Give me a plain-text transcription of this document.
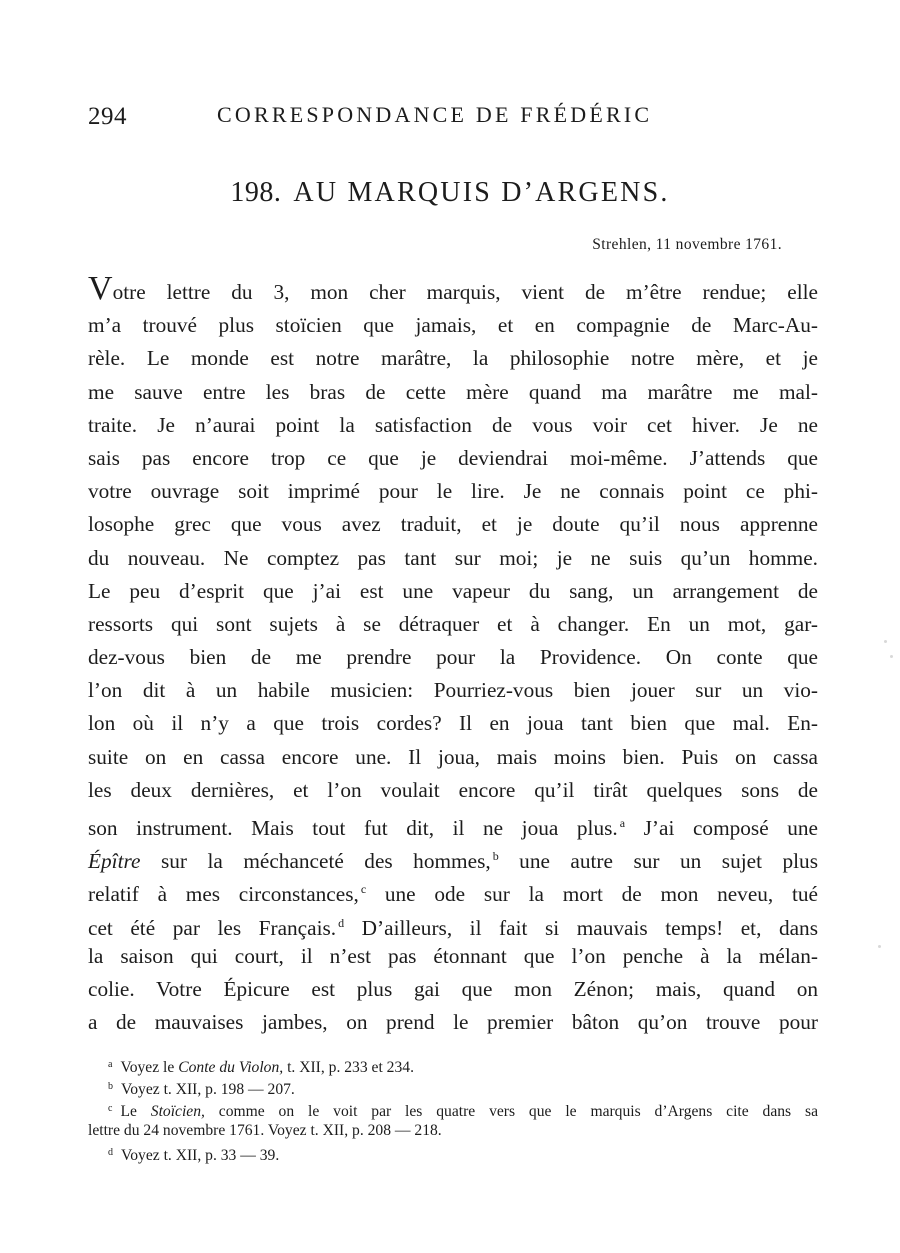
294	CORRESPONDANCE DE FRÉDÉRIC
198. AU MARQUIS D’ARGENS.
Strehlen, 11 novembre 1761.
Votre lettre du 3, mon cher marquis, vient de m’être rendue; elle
m’a trouvé plus stoïcien que jamais, et en compagnie de Marc-Au-
rèle. Le monde est notre marâtre, la philosophie notre mère, et je
me sauve entre les bras de cette mère quand ma marâtre me mal-
traite. Je n’aurai point la satisfaction de vous voir cet hiver. Je ne
sais pas encore trop ce que je deviendrai moi-même. J’attends que
votre ouvrage soit imprimé pour le lire. Je ne connais point ce phi-
losophe grec que vous avez traduit, et je doute qu’il nous apprenne
du nouveau. Ne comptez pas tant sur moi; je ne suis qu’un homme.
Le peu d’esprit que j’ai est une vapeur du sang, un arrangement de
ressorts qui sont sujets à se détraquer et à changer. En un mot, gar-
dez-vous bien de me prendre pour la Providence. On conte que
l’on dit à un habile musicien: Pourriez-vous bien jouer sur un vio-
lon où il n’y a que trois cordes? Il en joua tant bien que mal. En-
suite on en cassa encore une. Il joua, mais moins bien. Puis on cassa
les deux dernières, et l’on voulait encore qu’il tirât quelques sons de
son instrument. Mais tout fut dit, il ne joua plus. $^a$ J’ai composé une
Épître sur la méchanceté des hommes, $^b$ une autre sur un sujet plus
relatif à mes circonstances, $^c$ une ode sur la mort de mon neveu, tué
cet été par les Français. $^d$ D’ailleurs, il fait si mauvais temps! et, dans
la saison qui court, il n’est pas étonnant que l’on penche à la mélan-
colie. Votre Épicure est plus gai que mon Zénon; mais, quand on
a de mauvaises jambes, on prend le premier bâton qu’on trouve pour
$^a$ Voyez le Conte du Violon, t. XII, p. 233 et 234.
$^b$ Voyez t. XII, p. 198 — 207.
$^c$ Le Stoïcien, comme on le voit par les quatre vers que le marquis d’Argens cite dans sa
lettre du 24 novembre 1761. Voyez t. XII, p. 208 — 218.
$^d$ Voyez t. XII, p. 33 — 39.
